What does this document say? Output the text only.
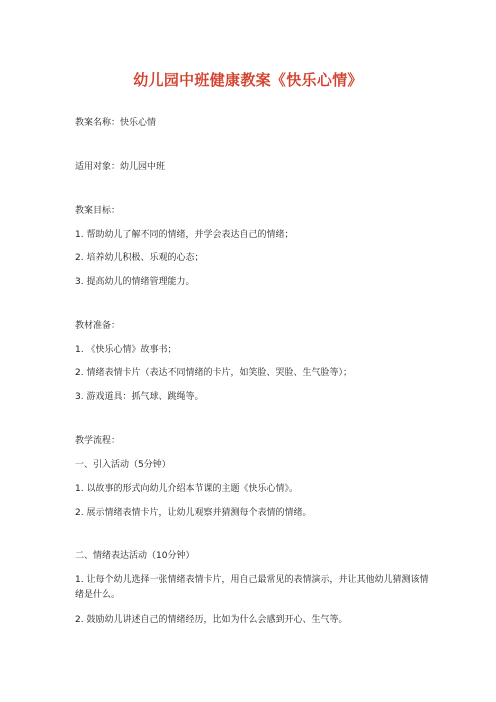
幼儿园中班健康教案《快乐心情》
教案名称：快乐心情
适用对象：幼儿园中班
教案目标：
1. 帮助幼儿了解不同的情绪，并学会表达自己的情绪；
2. 培养幼儿积极、乐观的心态；
3. 提高幼儿的情绪管理能力。
教材准备：
1. 《快乐心情》故事书；
2. 情绪表情卡片（表达不同情绪的卡片，如笑脸、哭脸、生气脸等）；
3. 游戏道具：抓气球、跳绳等。
教学流程：
一、引入活动（5分钟）
1. 以故事的形式向幼儿介绍本节课的主题《快乐心情》。
2. 展示情绪表情卡片，让幼儿观察并猜测每个表情的情绪。
二、情绪表达活动（10分钟）
1. 让每个幼儿选择一张情绪表情卡片，用自己最常见的表情演示，并让其他幼儿猜测该情绪是什么。
2. 鼓励幼儿讲述自己的情绪经历，比如为什么会感到开心、生气等。
